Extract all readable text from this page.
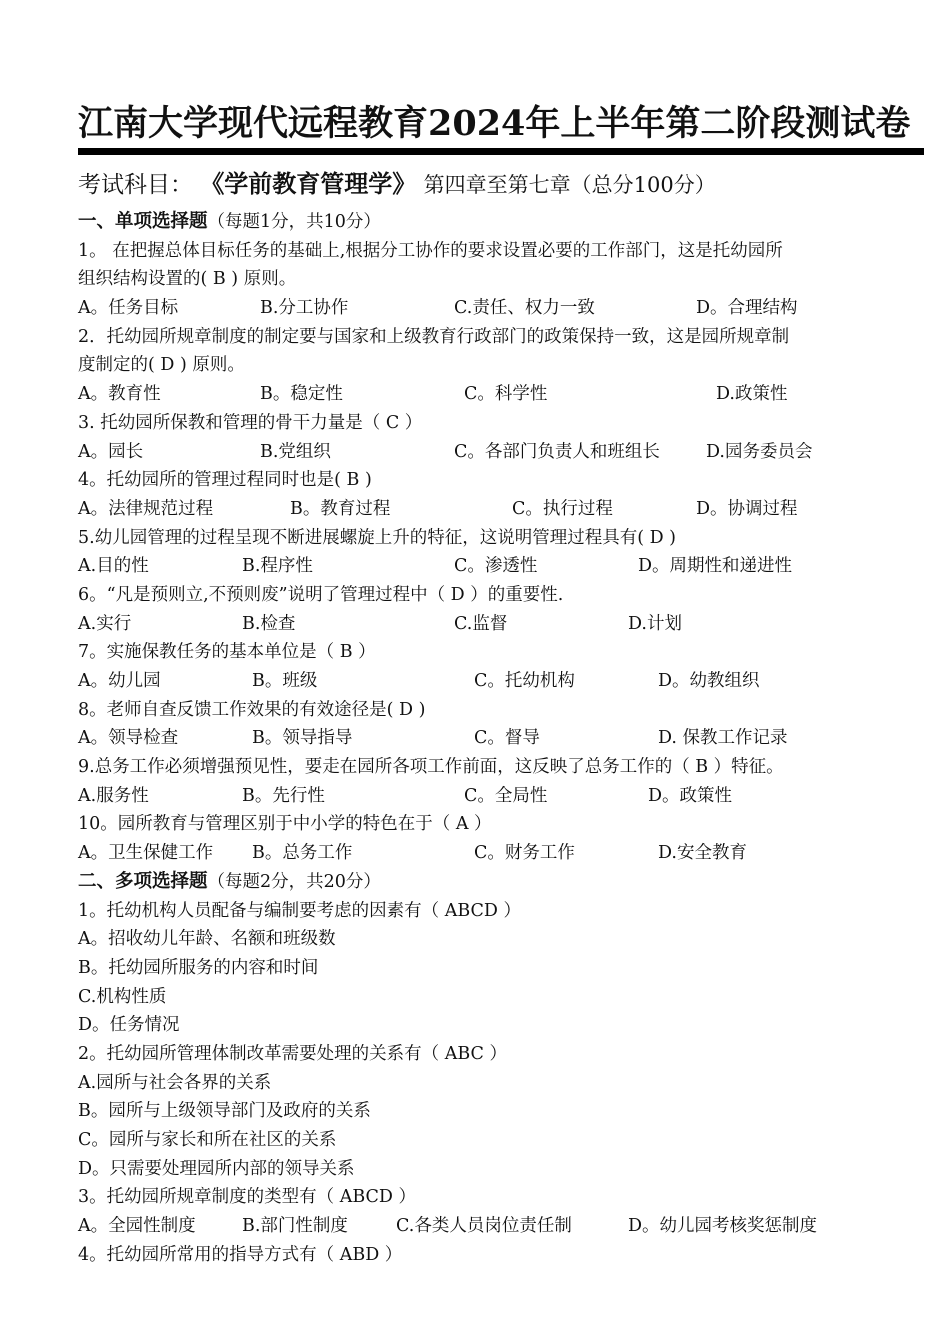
江南大学现代远程教育2024年上半年第二阶段测试卷
考试科目： 《学前教育管理学》 第四章至第七章（总分100分）
一、单项选择题（每题1分，共10分）
1。 在把握总体目标任务的基础上,根据分工协作的要求设置必要的工作部门，这是托幼园所
组织结构设置的( B ) 原则。
A。任务目标	B.分工协作	C.责任、权力一致	D。合理结构
2．托幼园所规章制度的制定要与国家和上级教育行政部门的政策保持一致，这是园所规章制
度制定的( D ) 原则。
A。教育性	B。稳定性	C。科学性	D.政策性
3. 托幼园所保教和管理的骨干力量是（ C ）
A。园长	B.党组织	C。各部门负责人和班组长	D.园务委员会
4。托幼园所的管理过程同时也是( B )
A。法律规范过程	B。教育过程	C。执行过程	D。协调过程
5.幼儿园管理的过程呈现不断进展螺旋上升的特征，这说明管理过程具有( D )
A.目的性	B.程序性	C。渗透性	D。周期性和递进性
6。“凡是预则立,不预则废”说明了管理过程中（ D ）的重要性.
A.实行	B.检查	C.监督	D.计划
7。实施保教任务的基本单位是（ B ）
A。幼儿园	B。班级	C。托幼机构	D。幼教组织
8。老师自查反馈工作效果的有效途径是( D )
A。领导检查	B。领导指导	C。督导	D. 保教工作记录
9.总务工作必须增强预见性，要走在园所各项工作前面，这反映了总务工作的（ B ）特征。
A.服务性	B。先行性	C。全局性	D。政策性
10。园所教育与管理区别于中小学的特色在于（ A ）
A。卫生保健工作 B。总务工作	C。财务工作	D.安全教育
二、多项选择题（每题2分，共20分）
1。托幼机构人员配备与编制要考虑的因素有（ ABCD ）
A。招收幼儿年龄、名额和班级数
B。托幼园所服务的内容和时间
C.机构性质
D。任务情况
2。托幼园所管理体制改革需要处理的关系有（ ABC ）
A.园所与社会各界的关系
B。园所与上级领导部门及政府的关系
C。园所与家长和所在社区的关系
D。只需要处理园所内部的领导关系
3。托幼园所规章制度的类型有（ ABCD ）
A。全园性制度	B.部门性制度	C.各类人员岗位责任制	D。幼儿园考核奖惩制度
4。托幼园所常用的指导方式有（ ABD ）
